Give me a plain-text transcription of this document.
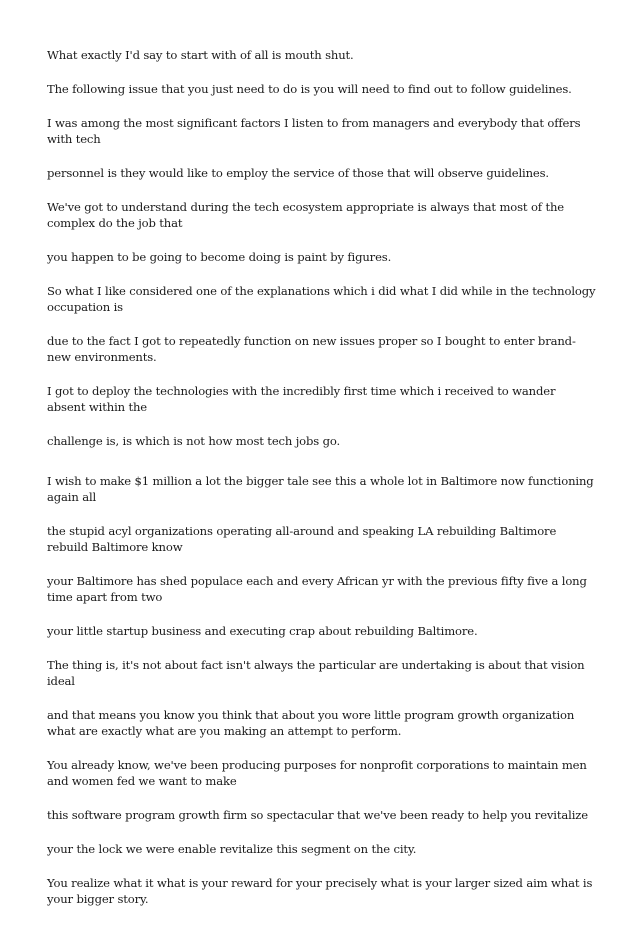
What exactly I'd say to start with of all is mouth shut.

The following issue that you just need to do is you will need to find out to follow guidelines.

I was among the most significant factors I listen to from managers and everybody that offers with tech

personnel is they would like to employ the service of those that will observe guidelines.

We've got to understand during the tech ecosystem appropriate is always that most of the complex do the job that

you happen to be going to become doing is paint by figures.

So what I like considered one of the explanations which i did what I did while in the technology occupation is

due to the fact I got to repeatedly function on new issues proper so I bought to enter brand-new environments.

I got to deploy the technologies with the incredibly first time which i received to wander absent within the

challenge is, is which is not how most tech jobs go.

I wish to make $1 million a lot the bigger tale see this a whole lot in Baltimore now functioning again all

the stupid acyl organizations operating all-around and speaking LA rebuilding Baltimore rebuild Baltimore know

your Baltimore has shed populace each and every African yr with the previous fifty five a long time apart from two

your little startup business and executing crap about rebuilding Baltimore.

The thing is, it's not about fact isn't always the particular are undertaking is about that vision ideal

and that means you know you think that about you wore little program growth organization what are exactly what are you making an attempt to perform.

You already know, we've been producing purposes for nonprofit corporations to maintain men and women fed we want to make

this software program growth firm so spectacular that we've been ready to help you revitalize

your the lock we were enable revitalize this segment on the city.

You realize what it what is your reward for your precisely what is your larger sized aim what is your bigger story.
